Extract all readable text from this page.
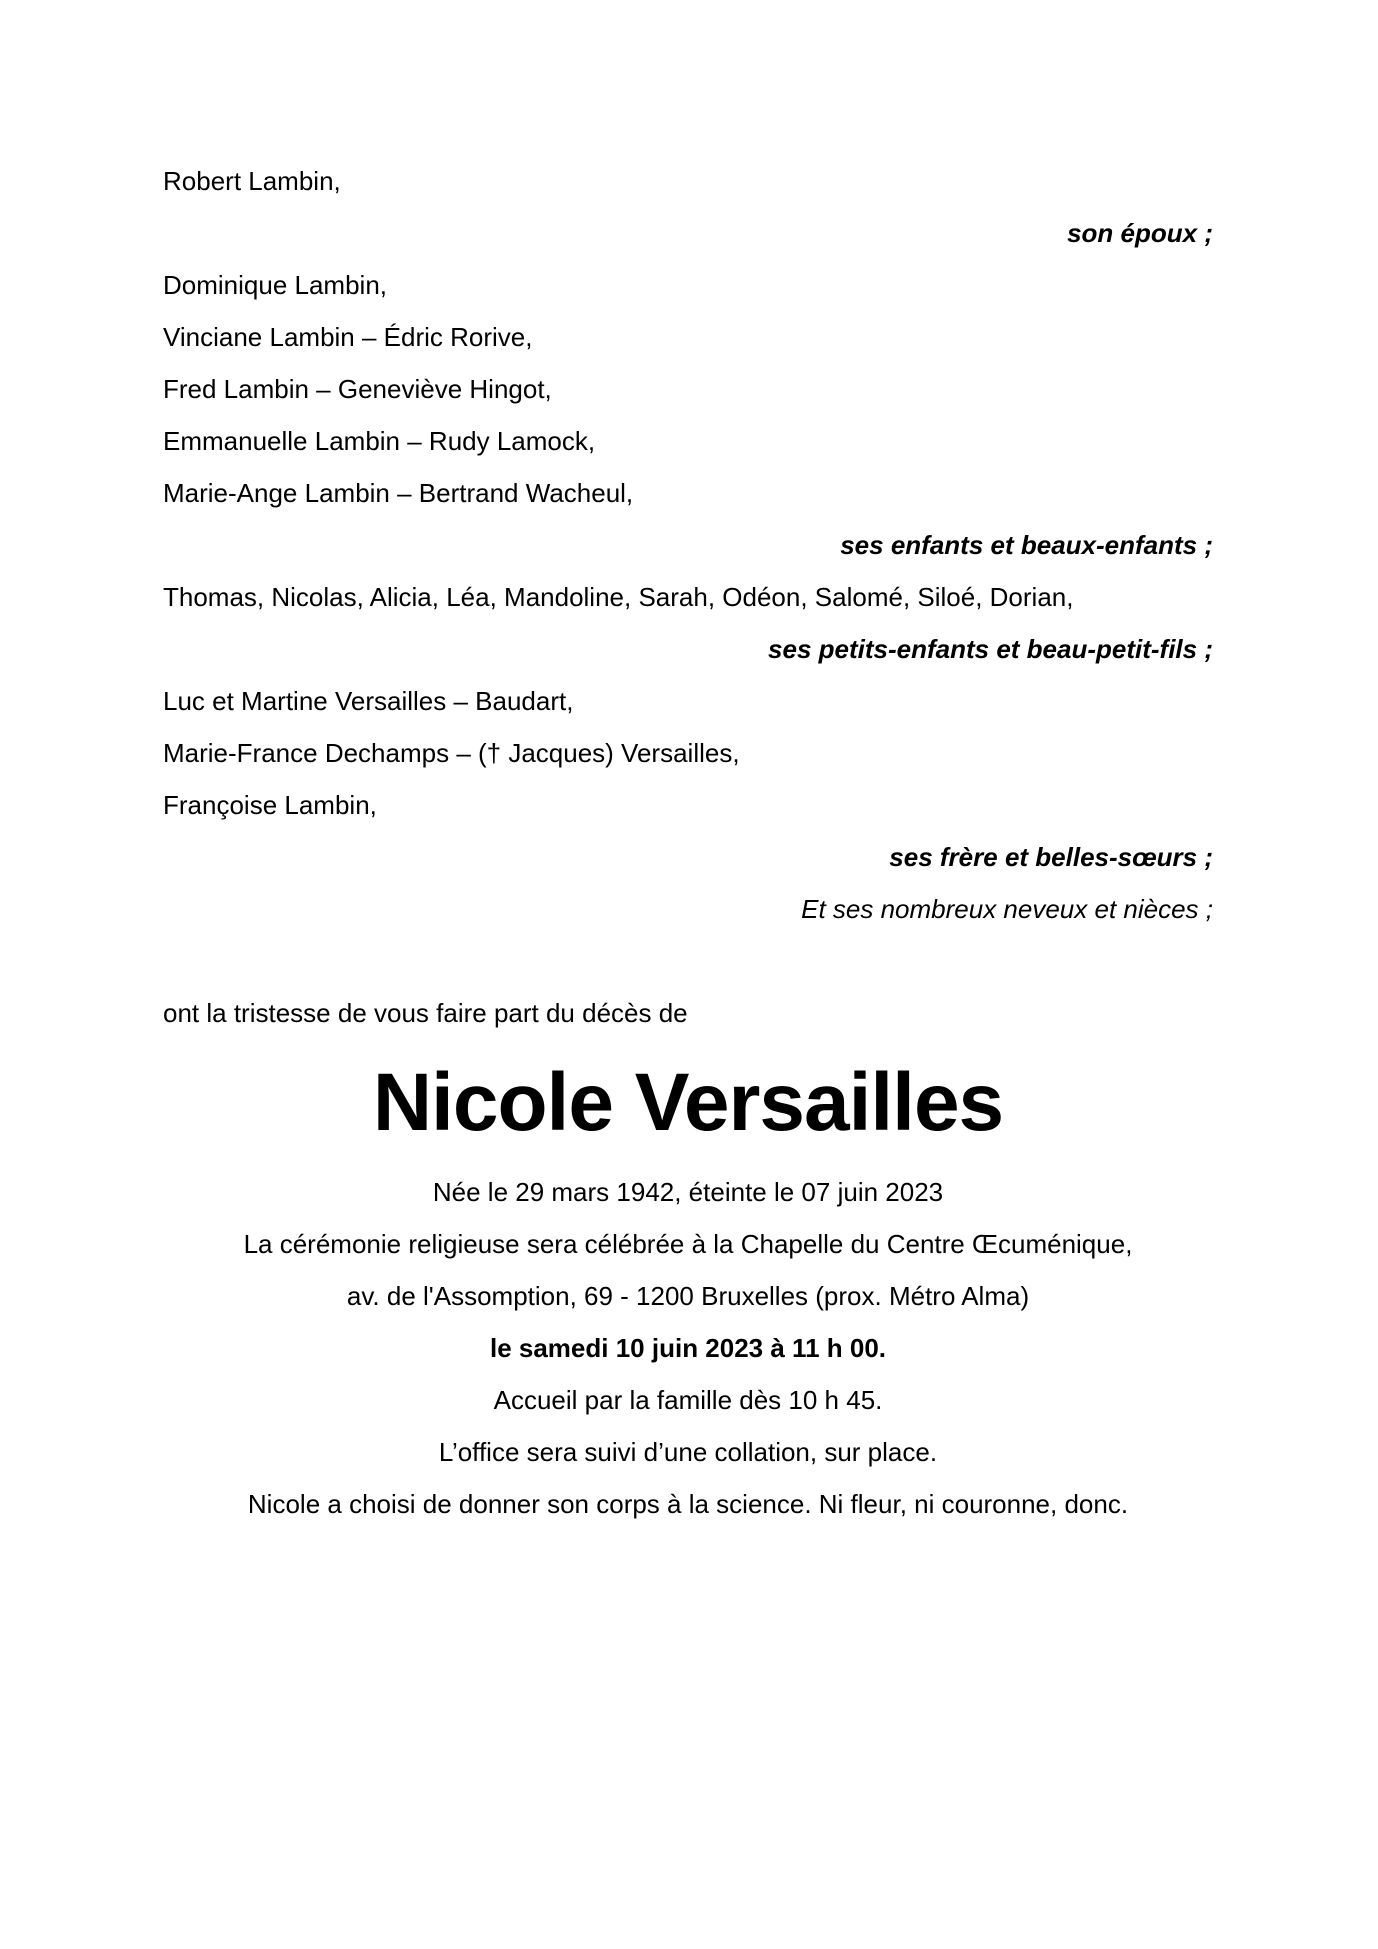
Robert Lambin,

son époux ;

Dominique Lambin,

Vinciane Lambin – Édric Rorive,

Fred Lambin – Geneviève Hingot,

Emmanuelle Lambin – Rudy Lamock,

Marie-Ange Lambin – Bertrand Wacheul,

ses enfants et beaux-enfants ;

Thomas, Nicolas, Alicia, Léa, Mandoline, Sarah, Odéon, Salomé, Siloé, Dorian,

ses petits-enfants et beau-petit-fils ;

Luc et Martine Versailles – Baudart,

Marie-France Dechamps – († Jacques) Versailles,

Françoise Lambin,

ses frère et belles-sœurs ;

Et ses nombreux neveux et nièces ;

ont la tristesse de vous faire part du décès de

Nicole Versailles

Née le 29 mars 1942, éteinte le 07 juin 2023

La cérémonie religieuse sera célébrée à la Chapelle du Centre Œcuménique,

av. de l'Assomption, 69 - 1200 Bruxelles (prox. Métro Alma)

le samedi 10 juin 2023 à 11 h 00.

Accueil par la famille dès 10 h 45.

L’office sera suivi d’une collation, sur place.

Nicole a choisi de donner son corps à la science. Ni fleur, ni couronne, donc.
